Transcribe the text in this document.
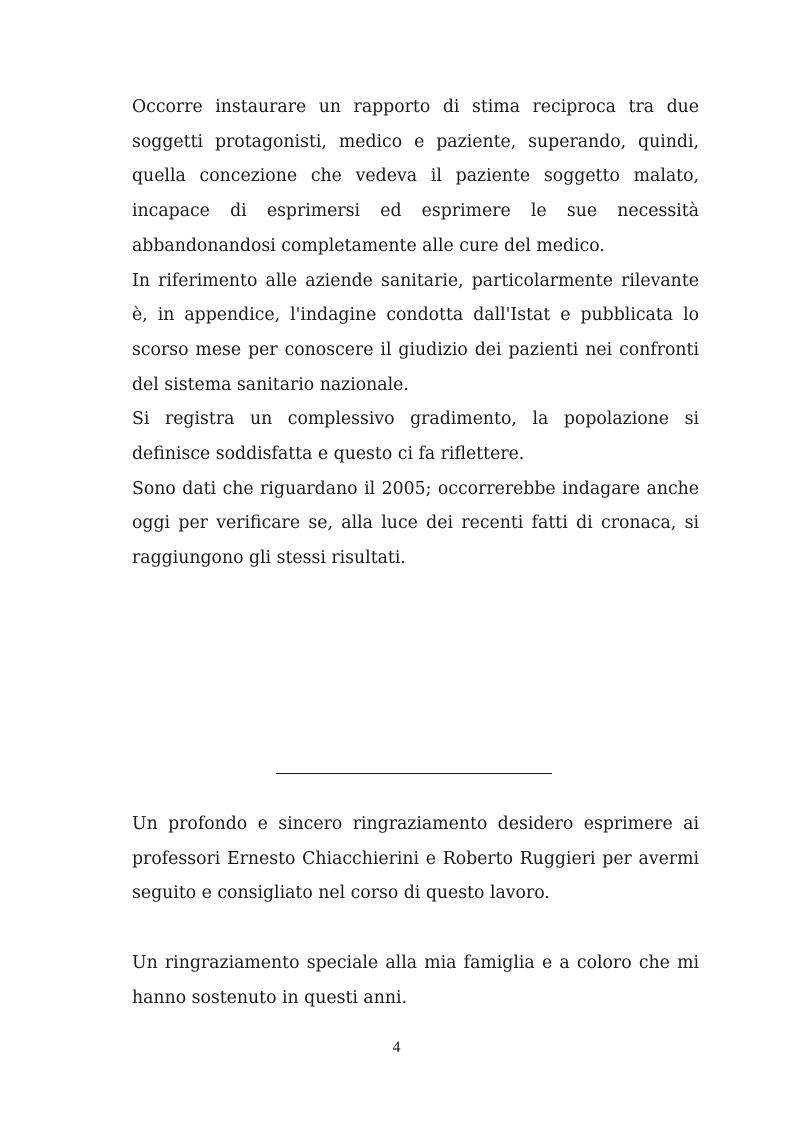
Occorre instaurare un rapporto di stima reciproca tra due soggetti protagonisti, medico e paziente, superando, quindi, quella concezione che vedeva il paziente soggetto malato, incapace di esprimersi ed esprimere le sue necessità abbandonandosi completamente alle cure del medico.

In riferimento alle aziende sanitarie, particolarmente rilevante è, in appendice, l'indagine condotta dall'Istat e pubblicata lo scorso mese per conoscere il giudizio dei pazienti nei confronti del sistema sanitario nazionale.

Si registra un complessivo gradimento, la popolazione si definisce soddisfatta e questo ci fa riflettere.

Sono dati che riguardano il 2005; occorrerebbe indagare anche oggi per verificare se, alla luce dei recenti fatti di cronaca, si raggiungono gli stessi risultati.

Un profondo e sincero ringraziamento desidero esprimere ai professori Ernesto Chiacchierini e Roberto Ruggieri per avermi seguito e consigliato nel corso di questo lavoro.

Un ringraziamento speciale alla mia famiglia e a coloro che mi hanno sostenuto in questi anni.

4
